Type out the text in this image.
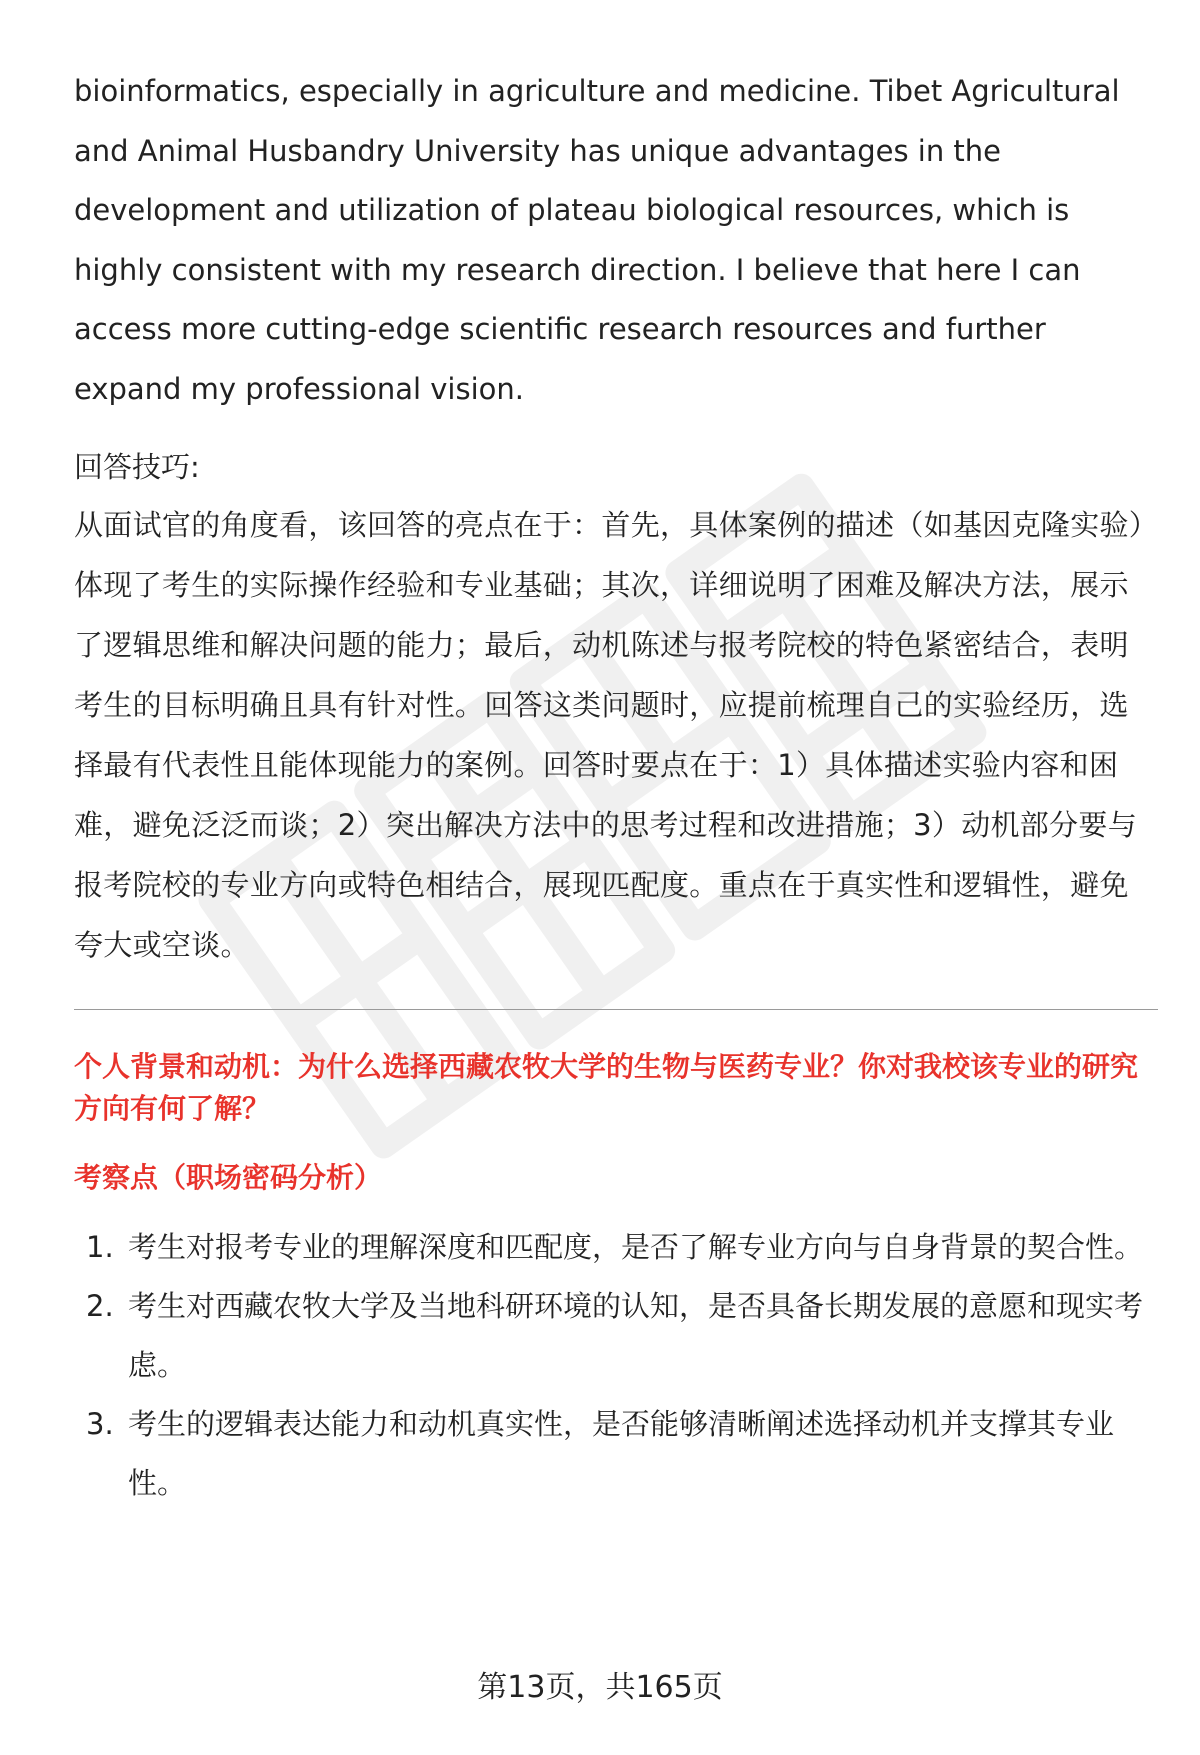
bioinformatics, especially in agriculture and medicine. Tibet Agricultural and Animal Husbandry University has unique advantages in the development and utilization of plateau biological resources, which is highly consistent with my research direction. I believe that here I can access more cutting-edge scientific research resources and further expand my professional vision.

回答技巧:

从面试官的角度看，该回答的亮点在于：首先，具体案例的描述（如基因克隆实验）体现了考生的实际操作经验和专业基础；其次，详细说明了困难及解决方法，展示了逻辑思维和解决问题的能力；最后，动机陈述与报考院校的特色紧密结合，表明考生的目标明确且具有针对性。回答这类问题时，应提前梳理自己的实验经历，选择最有代表性且能体现能力的案例。回答时要点在于：1）具体描述实验内容和困难，避免泛泛而谈；2）突出解决方法中的思考过程和改进措施；3）动机部分要与报考院校的专业方向或特色相结合，展现匹配度。重点在于真实性和逻辑性，避免夸大或空谈。

个人背景和动机：为什么选择西藏农牧大学的生物与医药专业？你对我校该专业的研究方向有何了解？

考察点（职场密码分析）
1. 考生对报考专业的理解深度和匹配度，是否了解专业方向与自身背景的契合性。
2. 考生对西藏农牧大学及当地科研环境的认知，是否具备长期发展的意愿和现实考虑。
3. 考生的逻辑表达能力和动机真实性，是否能够清晰阐述选择动机并支撑其专业性。
第13页，共165页
